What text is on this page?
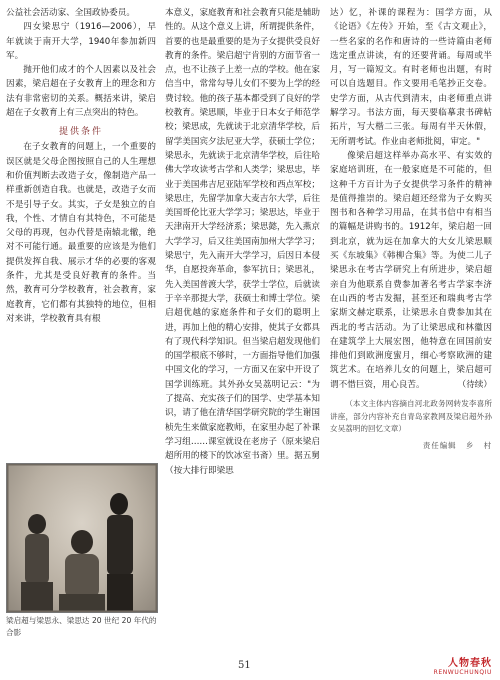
公益社会活动家、全国政协委员。

四女梁思宁（1916—2006），早年就读于南开大学，1940年参加新四军。

抛开他们成才的个人因素以及社会因素，梁启超在子女教育上的理念和方法有非常密切的关系。概括来讲，梁启超在子女教育上有三点突出的特色。

提供条件

在子女教育的问题上，一个重要的误区就是父母企图按照自己的人生理想和价值判断去改造子女，像制造产品一样重新创造自我。也就是，改造子女而不是引导子女。其实，子女是独立的自我，个性、才情自有其特色，不可能是父母的再现，包办代替是南辕北辙，绝对不可能行通。最重要的应该是为他们提供发挥自我、展示才华的必要的客观条件，尤其是受良好教育的条件。当然，教育可分学校教育，社会教育，家庭教育，它们都有其独特的地位，但相对来讲，学校教育具有根

梁启超与梁思永、梁思达 20 世纪 20 年代的合影

本意义，家庭教育和社会教育只能是辅助性的。从这个意义上讲，所谓提供条件，首要的也是最重要的是为子女提供受良好教育的条件。梁启超宁肯别的方面节省一点，也不让孩子上差一点的学校。他在家信当中，常常勾导儿女们不要为上学的经费讨较。他的孩子基本都受到了良好的学校教育。梁思顺，毕业于日本女子师范学校；梁思成，先就读于北京清华学校，后留学美国宾夕法尼亚大学，获硕士学位；梁思永，先就读于北京清华学校，后往哈佛大学攻读考古学和人类学；梁思忠，毕业于美国弗吉尼亚陆军学校和西点军校；梁思庄，先留学加拿大麦吉尔大学，后往美国哥伦比亚大学学习；梁思达，毕业于天津南开大学经济系；梁思懿，先入燕京大学学习，后又往美国南加州大学学习；梁思宁，先入南开大学学习，后因日本侵华，自愿投奔革命，参军抗日；梁思礼，先入美国普渡大学，获学士学位，后就读于辛辛那提大学，获硕士和博士学位。梁启超优越的家庭条件和子女们的聪明上进，再加上他的精心安排，使其子女都具有了现代科学知识。但当梁启超发现他们的国学根底不够时，一方面指导他们加强中国文化的学习，一方面又在家中开设了国学训练班。其外孙女吴荔明记云："为了提高、充实孩子们的国学、史学基本知识，请了他在清华国学研究院的学生谢国桢先生来做家庭教师，在家里办起了补课学习组……课室就设在老房子（原来梁启超所用的楼下的饮冰室书斋）里。据五舅（按大排行即梁思

达）忆，补课的课程为：国学方面，从《论语》《左传》开始，至《古文观止》，一些名家的名作和唐诗的一些诗篇由老师选定重点讲读，有的还要背诵。每周或半月，写一篇短文。有时老师也出题，有时可以自选题目。作文要用毛笔抄正交卷。史学方面，从古代到清末，由老师重点讲解学习。书法方面，每天要临摹隶书碑帖拓片，写大楷二三张。每周有半天休假，无所谓考试。作业由老师批阅，审定。"

像梁启超这样举办高水平、有实效的家庭培训班，在一般家庭是不可能的，但这种千方百计为子女提供学习条件的精神是值得推崇的。梁启超还经常为子女购买图书和各种学习用品，在其书信中有相当的篇幅是讲购书的。1912年，梁启超一回到北京，就为远在加拿大的大女儿梁思顺买《东坡集》《韩柳合集》等。为使二儿子梁思永在考古学研究上有所进步，梁启超亲自为他联系自费参加著名考古学家李济在山西的考古发掘，甚至还和瑞典考古学家斯文赫定联系，让梁思永自费参加其在西北的考古活动。为了让梁思成和林徽因在建筑学上大展宏图，他特意在回国前安排他们到欧洲度蜜月，细心考察欧洲的建筑艺术。在培养儿女的问题上，梁启超可谓不惜巨资，用心良苦。	（待续）

（本文主体内容摘自河北政务网转发李喜所讲座，部分内容补充自青岛家教网及梁启超外孙女吴荔明的回忆文章）

责任编辑 乡 村
51	人物春秋
RENWUCHUNQIU
